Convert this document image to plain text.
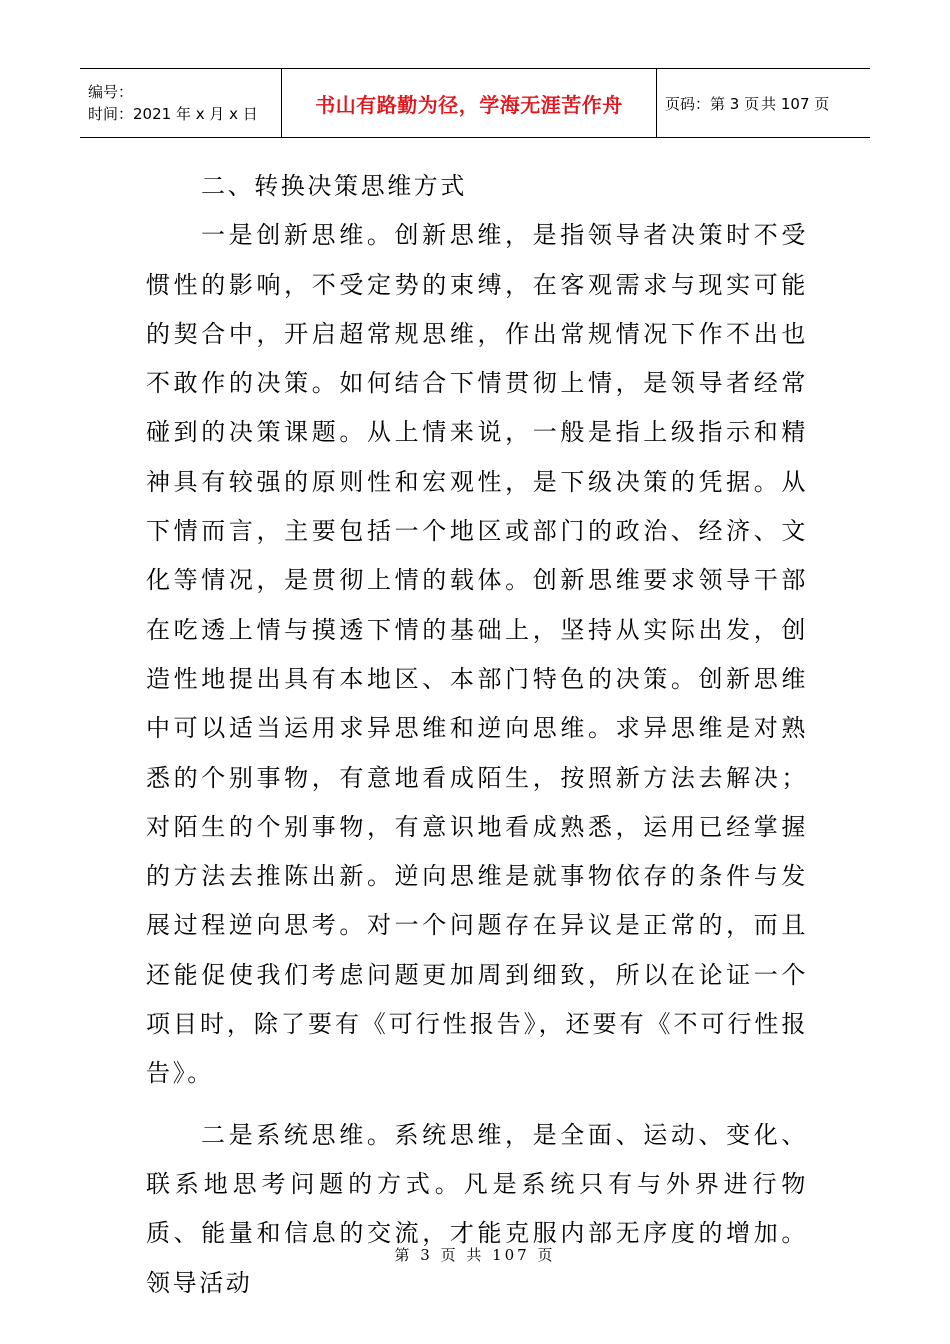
编号：
时间：2021 年 x 月 x 日	书山有路勤为径，学海无涯苦作舟	页码：第 3 页 共 107 页

二、转换决策思维方式

一是创新思维。创新思维，是指领导者决策时不受惯性的影响，不受定势的束缚，在客观需求与现实可能的契合中，开启超常规思维，作出常规情况下作不出也不敢作的决策。如何结合下情贯彻上情，是领导者经常碰到的决策课题。从上情来说，一般是指上级指示和精神具有较强的原则性和宏观性，是下级决策的凭据。从下情而言，主要包括一个地区或部门的政治、经济、文化等情况，是贯彻上情的载体。创新思维要求领导干部在吃透上情与摸透下情的基础上，坚持从实际出发，创造性地提出具有本地区、本部门特色的决策。创新思维中可以适当运用求异思维和逆向思维。求异思维是对熟悉的个别事物，有意地看成陌生，按照新方法去解决；对陌生的个别事物，有意识地看成熟悉，运用已经掌握的方法去推陈出新。逆向思维是就事物依存的条件与发展过程逆向思考。对一个问题存在异议是正常的，而且还能促使我们考虑问题更加周到细致，所以在论证一个项目时，除了要有《可行性报告》，还要有《不可行性报告》。

二是系统思维。系统思维，是全面、运动、变化、联系地思考问题的方式。凡是系统只有与外界进行物质、能量和信息的交流，才能克服内部无序度的增加。领导活动

第 3 页 共 107 页
